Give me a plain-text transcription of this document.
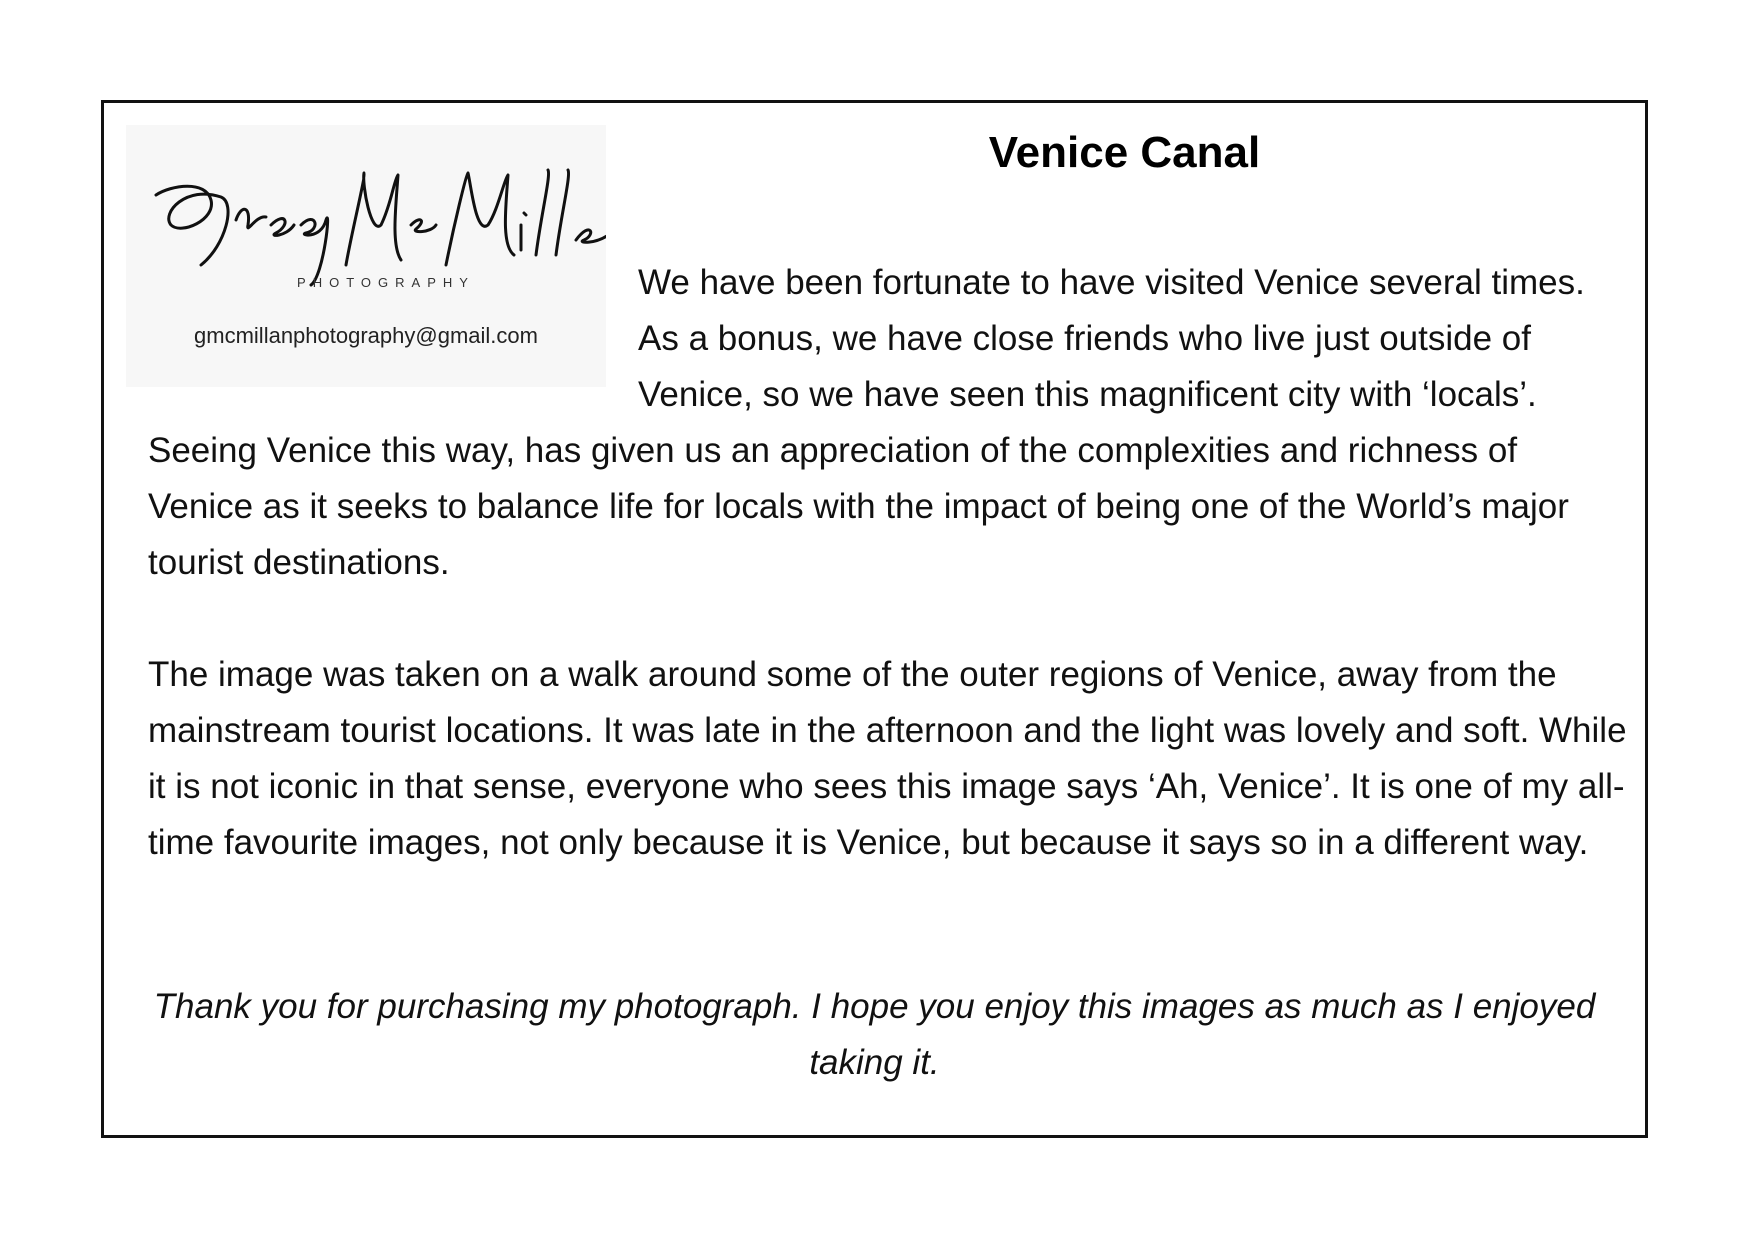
PHOTOGRAPHY
gmcmillanphotography@gmail.com
Venice Canal

We have been fortunate to have visited Venice several times. As a bonus, we have close friends who live just outside of Venice, so we have seen this magnificent city with ‘locals’. Seeing Venice this way, has given us an appreciation of the complexities and richness of Venice as it seeks to balance life for locals with the impact of being one of the World’s major tourist destinations.

The image was taken on a walk around some of the outer regions of Venice, away from the mainstream tourist locations. It was late in the afternoon and the light was lovely and soft. While it is not iconic in that sense, everyone who sees this image says ‘Ah, Venice’. It is one of my all-time favourite images, not only because it is Venice, but because it says so in a different way.

Thank you for purchasing my photograph. I hope you enjoy this images as much as I enjoyed taking it.
